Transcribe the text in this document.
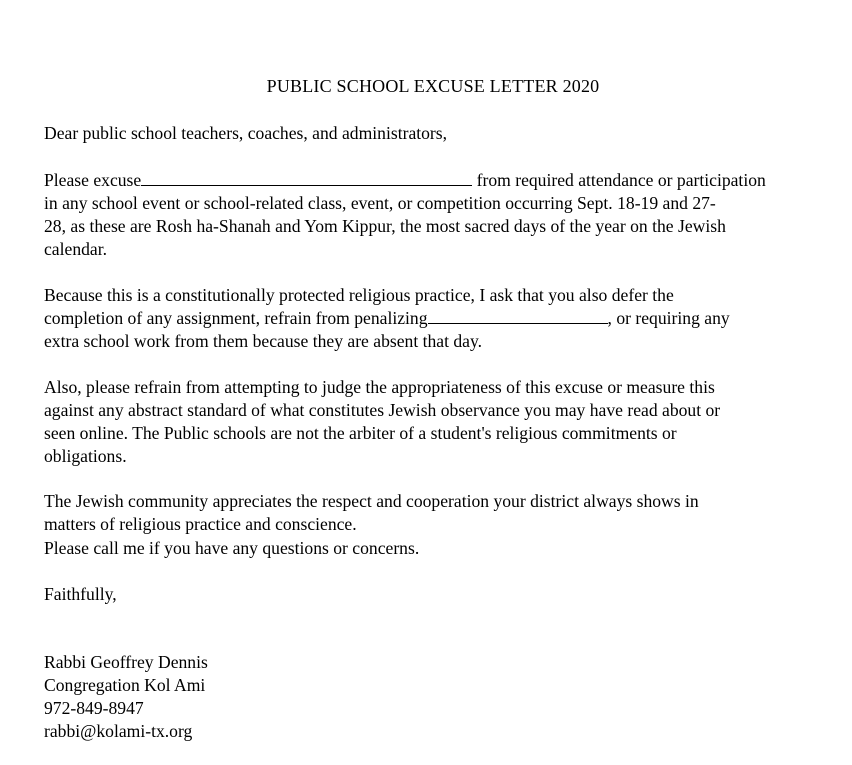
PUBLIC SCHOOL EXCUSE LETTER 2020
Dear public school teachers, coaches, and administrators,
Please excuse	from required attendance or participation
in any school event or school-related class, event, or competition occurring Sept. 18-19 and 27-
28, as these are Rosh ha-Shanah and Yom Kippur, the most sacred days of the year on the Jewish
calendar.
Because this is a constitutionally protected religious practice, I ask that you also defer the
completion of any assignment, refrain from penalizing	, or requiring any
extra school work from them because they are absent that day.
Also, please refrain from attempting to judge the appropriateness of this excuse or measure this
against any abstract standard of what constitutes Jewish observance you may have read about or
seen online. The Public schools are not the arbiter of a student's religious commitments or
obligations.
The Jewish community appreciates the respect and cooperation your district always shows in
matters of religious practice and conscience.
Please call me if you have any questions or concerns.
Faithfully,
Rabbi Geoffrey Dennis
Congregation Kol Ami
972-849-8947
rabbi@kolami-tx.org
